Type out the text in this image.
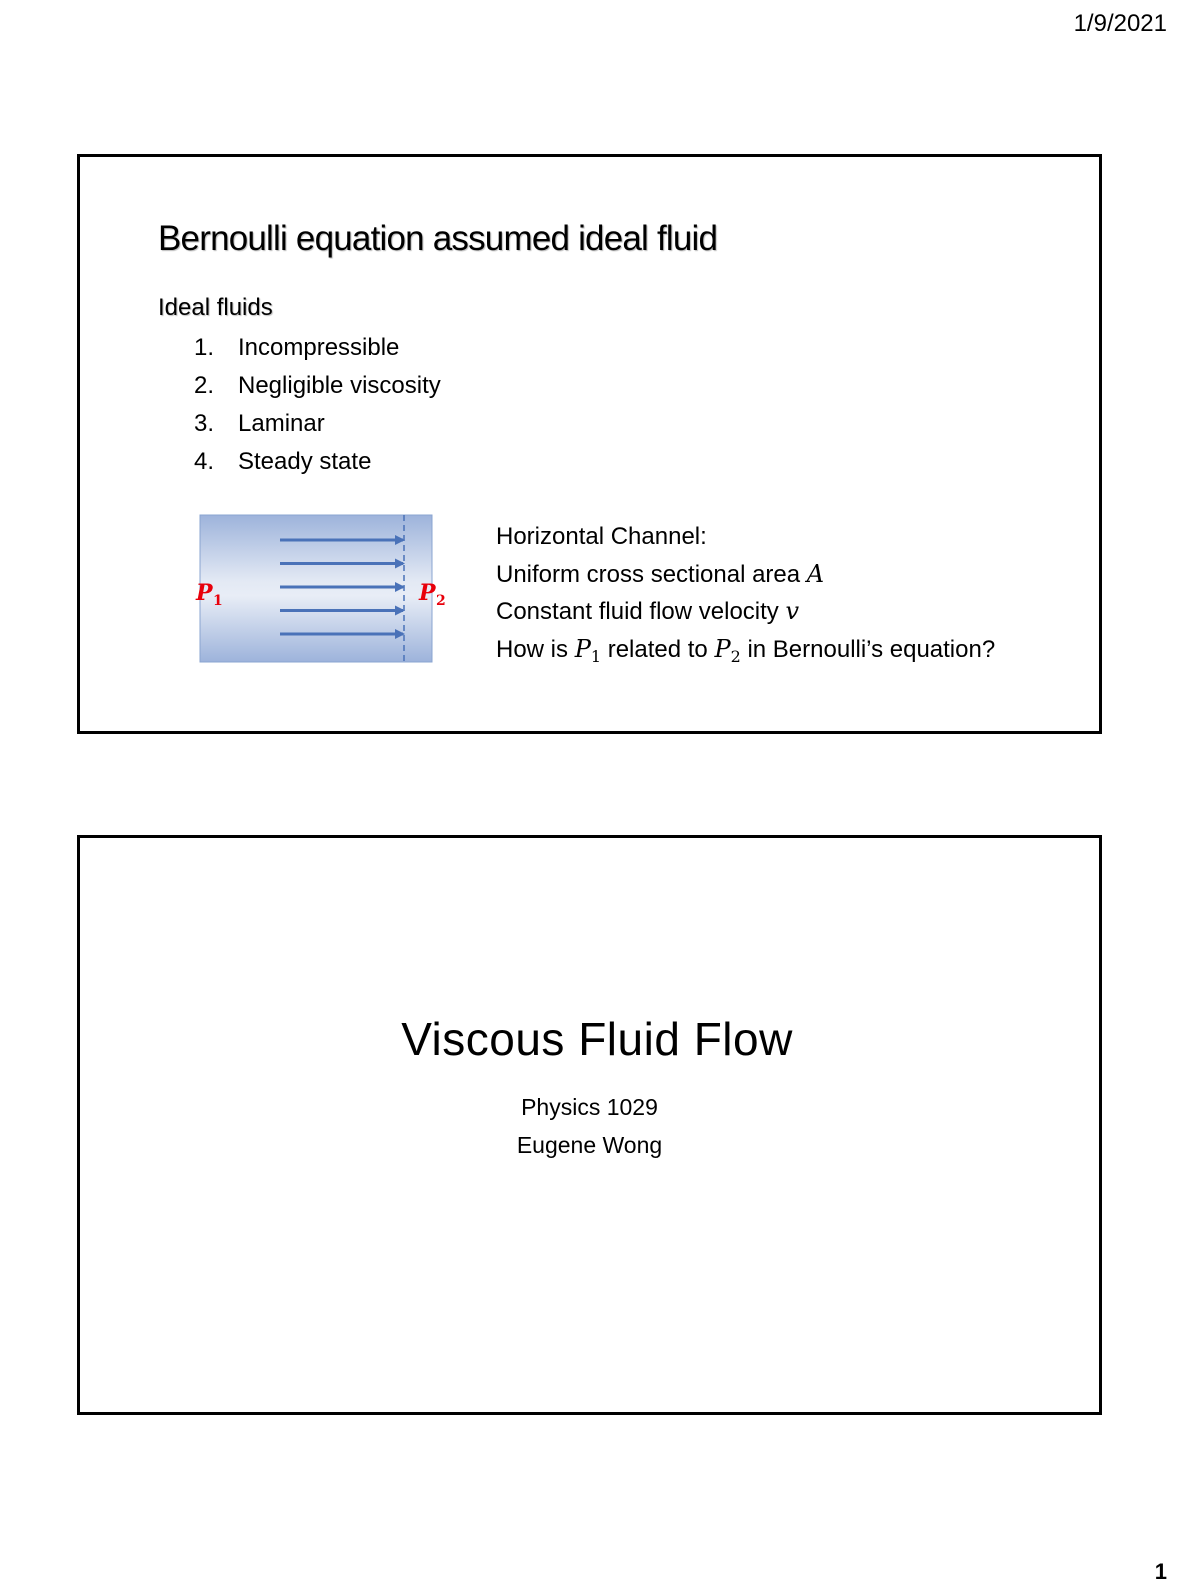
1/9/2021
Bernoulli equation assumed ideal fluid
Ideal fluids
1. Incompressible
2. Negligible viscosity
3. Laminar
4. Steady state
P 1	P 2
Horizontal Channel:
Uniform cross sectional area A
Constant fluid flow velocity v
How is $P_1$ related to $P_2$ in Bernoulli’s equation?
Viscous Fluid Flow
Physics 1029
Eugene Wong
1
